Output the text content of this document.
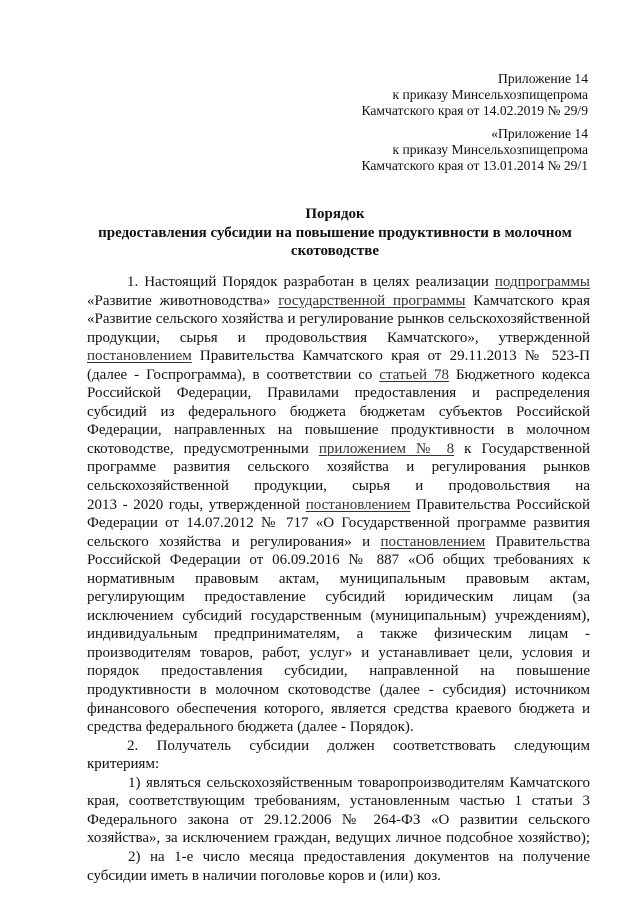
Приложение 14
к приказу Минсельхозпищепрома
Камчатского края от 14.02.2019 № 29/9
«Приложение 14
к приказу Минсельхозпищепрома
Камчатского края от 13.01.2014 № 29/1
Порядок
предоставления субсидии на повышение продуктивности в молочном
скотоводстве
1. Настоящий Порядок разработан в целях реализации подпрограммы
«Развитие животноводства» государственной программы Камчатского края
«Развитие сельского хозяйства и регулирование рынков сельскохозяйственной
продукции, сырья и продовольствия Камчатского», утвержденной
постановлением Правительства Камчатского края от 29.11.2013 № 523-П
(далее - Госпрограмма), в соответствии со статьей 78 Бюджетного кодекса
Российской Федерации, Правилами предоставления и распределения
субсидий из федерального бюджета бюджетам субъектов Российской
Федерации, направленных на повышение продуктивности в молочном
скотоводстве, предусмотренными приложением № 8 к Государственной
программе развития сельского хозяйства и регулирования рынков
сельскохозяйственной продукции, сырья и продовольствия на
2013 - 2020 годы, утвержденной постановлением Правительства Российской
Федерации от 14.07.2012 № 717 «О Государственной программе развития
сельского хозяйства и регулирования» и постановлением Правительства
Российской Федерации от 06.09.2016 № 887 «Об общих требованиях к
нормативным правовым актам, муниципальным правовым актам,
регулирующим предоставление субсидий юридическим лицам (за
исключением субсидий государственным (муниципальным) учреждениям),
индивидуальным предпринимателям, а также физическим лицам -
производителям товаров, работ, услуг» и устанавливает цели, условия и
порядок предоставления субсидии, направленной на повышение
продуктивности в молочном скотоводстве (далее - субсидия) источником
финансового обеспечения которого, является средства краевого бюджета и
средства федерального бюджета (далее - Порядок).
2. Получатель субсидии должен соответствовать следующим
критериям:
1) являться сельскохозяйственным товаропроизводителям Камчатского
края, соответствующим требованиям, установленным частью 1 статьи 3
Федерального закона от 29.12.2006 № 264-ФЗ «О развитии сельского
хозяйства», за исключением граждан, ведущих личное подсобное хозяйство);
2) на 1-е число месяца предоставления документов на получение
субсидии иметь в наличии поголовье коров и (или) коз.
